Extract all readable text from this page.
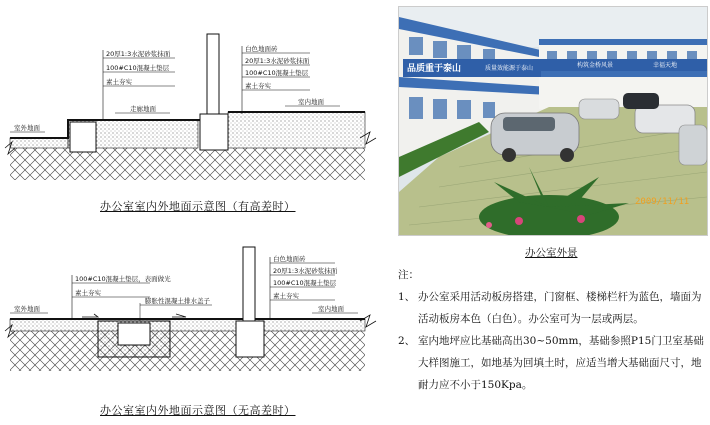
20厚1:3水泥砂浆抹面
100#C10混凝土垫层
素土夯实
白色地面砖
20厚1:3水泥砂浆抹面
100#C10混凝土垫层
素土夯实
走廊地面
室内地面
室外地面
办公室室内外地面示意图（有高差时）
100#C10混凝土垫层，表面做光
素土夯实
膨胀性混凝土排水盖子
白色地面砖
20厚1:3水泥砂浆抹面
100#C10混凝土垫层
素土夯实
室外地面	室内地面
办公室室内外地面示意图（无高差时）
品质重于泰山	质量效能源于泰山	构筑金桥风景	幸福天地
2009/11/11
办公室外景
注：
1、 办公室采用活动板房搭建，门窗框、楼梯栏杆为蓝色，墙面为活动板房本色（白色）。办公室可为一层或两层。
2、 室内地坪应比基础高出30~50mm，基础参照P15门卫室基础大样图施工，如地基为回填土时，应适当增大基础面尺寸，地耐力应不小于150Kpa。
